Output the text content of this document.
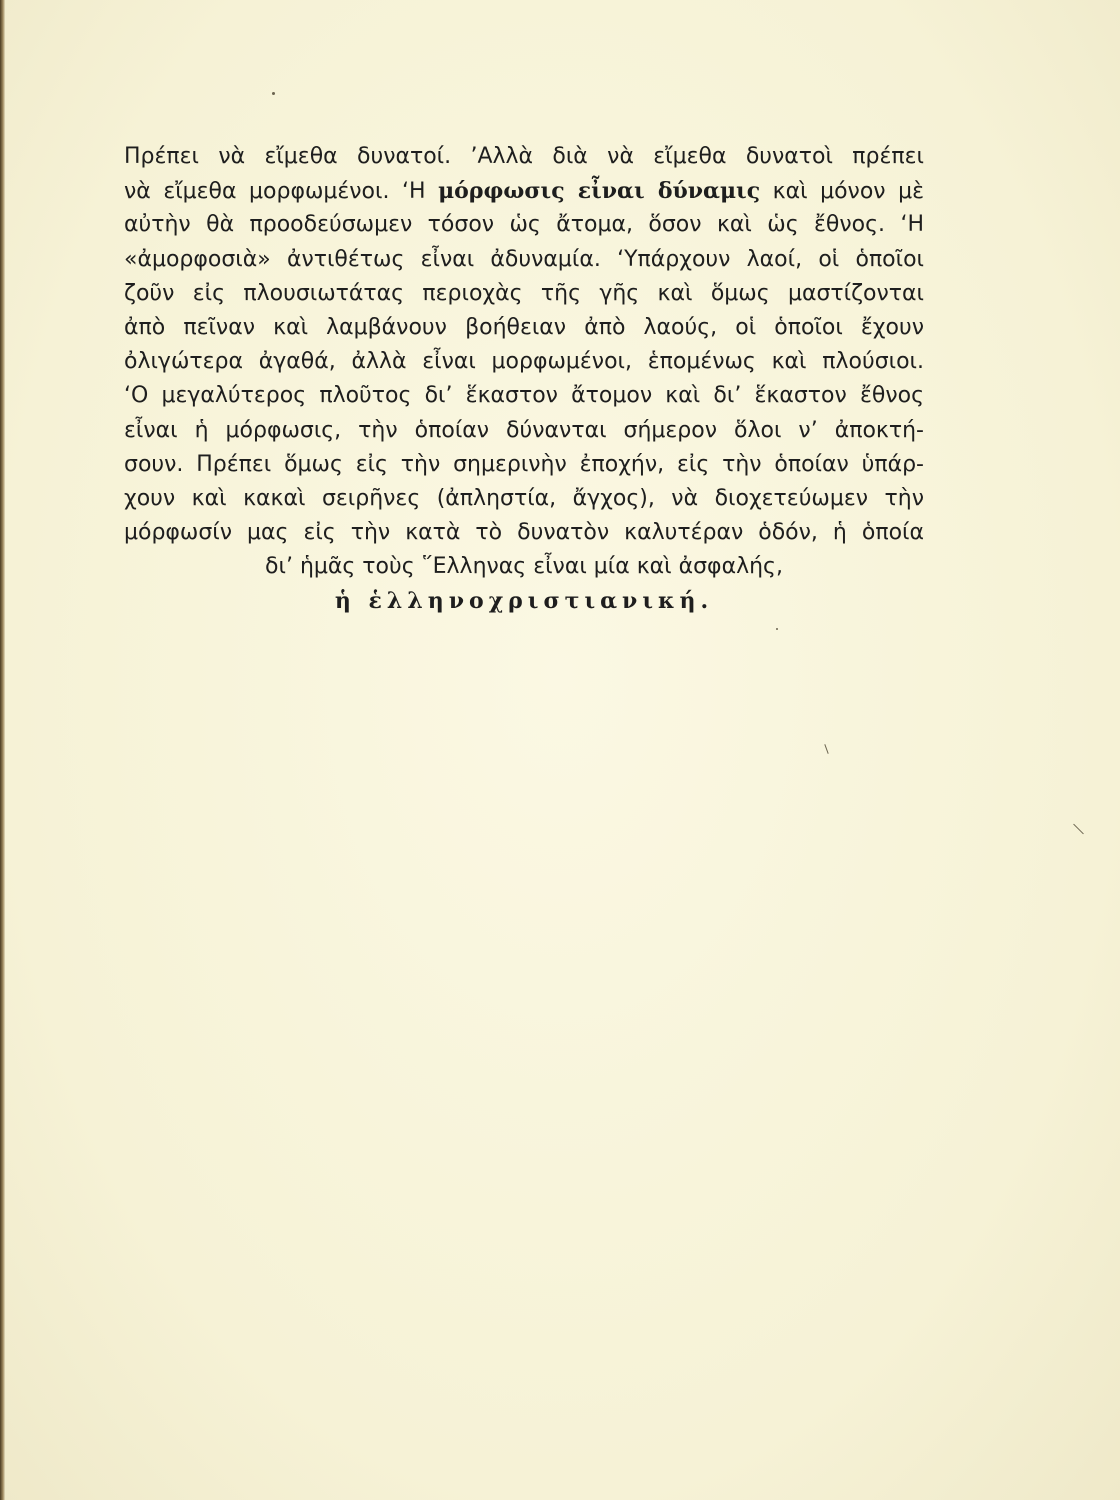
Πρέπει νὰ εἴμεθα δυνατοί. ’Αλλὰ διὰ νὰ εἴμεθα δυνατοὶ πρέπει
νὰ εἴμεθα μορφωμένοι. ‘Η μόρφωσις εἶναι δύναμις καὶ μόνον μὲ
αὐτὴν θὰ προοδεύσωμεν τόσον ὡς ἄτομα, ὅσον καὶ ὡς ἔθνος. ‘Η
«ἀμορφοσιὰ» ἀντιθέτως εἶναι ἀδυναμία. ‘Υπάρχουν λαοί, οἱ ὁποῖοι
ζοῦν εἰς πλουσιωτάτας περιοχὰς τῆς γῆς καὶ ὅμως μαστίζονται
ἀπὸ πεῖναν καὶ λαμβάνουν βοήθειαν ἀπὸ λαούς, οἱ ὁποῖοι ἔχουν
ὀλιγώτερα ἀγαθά, ἀλλὰ εἶναι μορφωμένοι, ἑπομένως καὶ πλούσιοι.
‘Ο μεγαλύτερος πλοῦτος δι’ ἕκαστον ἄτομον καὶ δι’ ἕκαστον ἔθνος
εἶναι ἡ μόρφωσις, τὴν ὁποίαν δύνανται σήμερον ὅλοι ν’ ἀποκτή-
σουν. Πρέπει ὅμως εἰς τὴν σημερινὴν ἐποχήν, εἰς τὴν ὁποίαν ὑπάρ-
χουν καὶ κακαὶ σειρῆνες (ἀπληστία, ἄγχος), νὰ διοχετεύωμεν τὴν
μόρφωσίν μας εἰς τὴν κατὰ τὸ δυνατὸν καλυτέραν ὁδόν, ἡ ὁποία
δι’ ἡμᾶς τοὺς ῞Ελληνας εἶναι μία καὶ ἀσφαλής,
ἡ ἑλληνοχριστιανική.
